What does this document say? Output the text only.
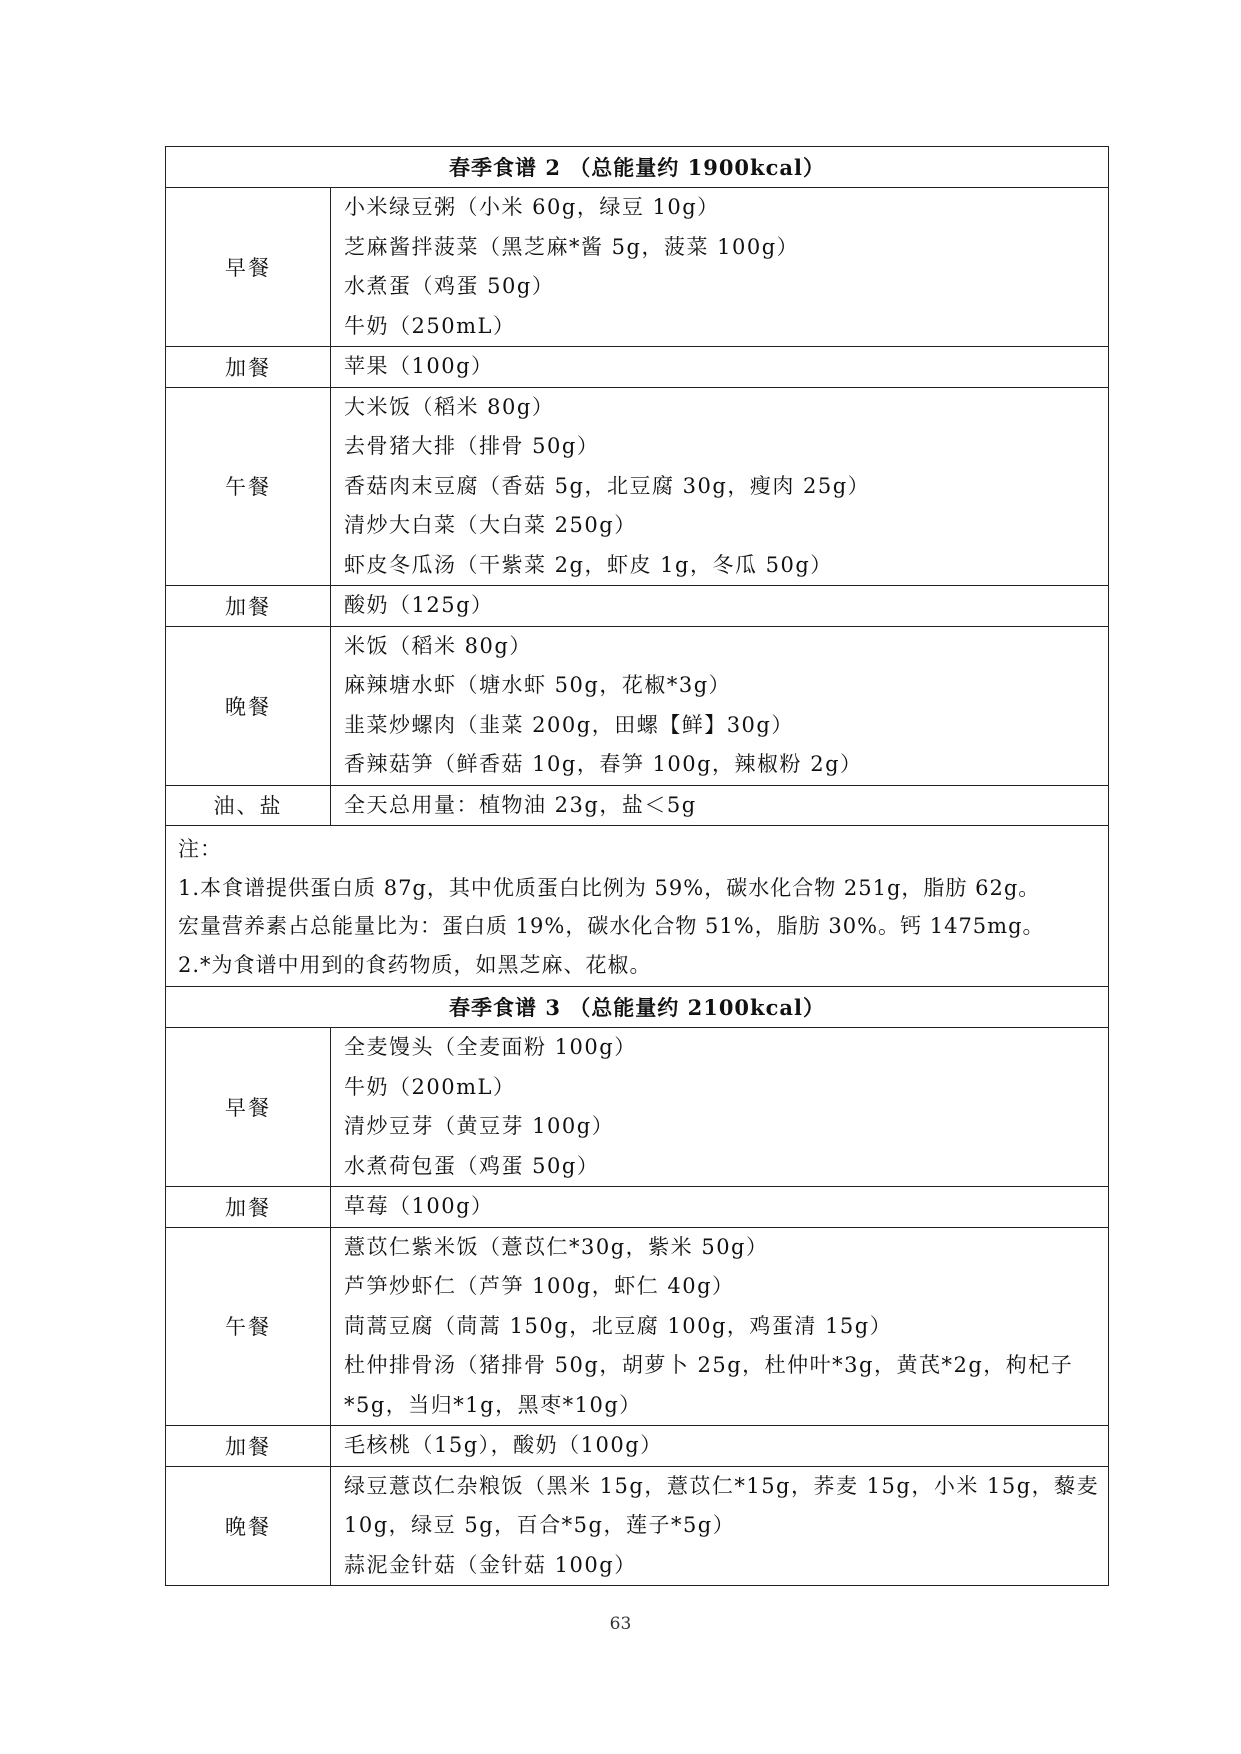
春季食谱 2 （总能量约 1900kcal）	
早餐	小米绿豆粥（小米 60g，绿豆 10g）
芝麻酱拌菠菜（黑芝麻*酱 5g，菠菜 100g）
水煮蛋（鸡蛋 50g）
牛奶（250mL）

加餐	苹果（100g）

午餐	大米饭（稻米 80g）
去骨猪大排（排骨 50g）
香菇肉末豆腐（香菇 5g，北豆腐 30g，瘦肉 25g）
清炒大白菜（大白菜 250g）
虾皮冬瓜汤（干紫菜 2g，虾皮 1g，冬瓜 50g）

加餐	酸奶（125g）

晚餐	米饭（稻米 80g）
麻辣塘水虾（塘水虾 50g，花椒*3g）
韭菜炒螺肉（韭菜 200g，田螺【鲜】30g）
香辣菇笋（鲜香菇 10g，春笋 100g，辣椒粉 2g）

油、盐	全天总用量：植物油 23g，盐＜5g

注：
1.本食谱提供蛋白质 87g，其中优质蛋白比例为 59%，碳水化合物 251g，脂肪 62g。
宏量营养素占总能量比为：蛋白质 19%，碳水化合物 51%，脂肪 30%。钙 1475mg。
2.*为食谱中用到的食药物质，如黑芝麻、花椒。	

春季食谱 3 （总能量约 2100kcal）	
早餐	全麦馒头（全麦面粉 100g）
牛奶（200mL）
清炒豆芽（黄豆芽 100g）
水煮荷包蛋（鸡蛋 50g）

加餐	草莓（100g）

午餐	薏苡仁紫米饭（薏苡仁*30g，紫米 50g）
芦笋炒虾仁（芦笋 100g，虾仁 40g）
茼蒿豆腐（茼蒿 150g，北豆腐 100g，鸡蛋清 15g）
杜仲排骨汤（猪排骨 50g，胡萝卜 25g，杜仲叶*3g，黄芪*2g，枸杞子*5g，当归*1g，黑枣*10g）

加餐	毛核桃（15g），酸奶（100g）

晚餐	绿豆薏苡仁杂粮饭（黑米 15g，薏苡仁*15g，荞麦 15g，小米 15g，藜麦 10g，绿豆 5g，百合*5g，莲子*5g）
蒜泥金针菇（金针菇 100g）
63
